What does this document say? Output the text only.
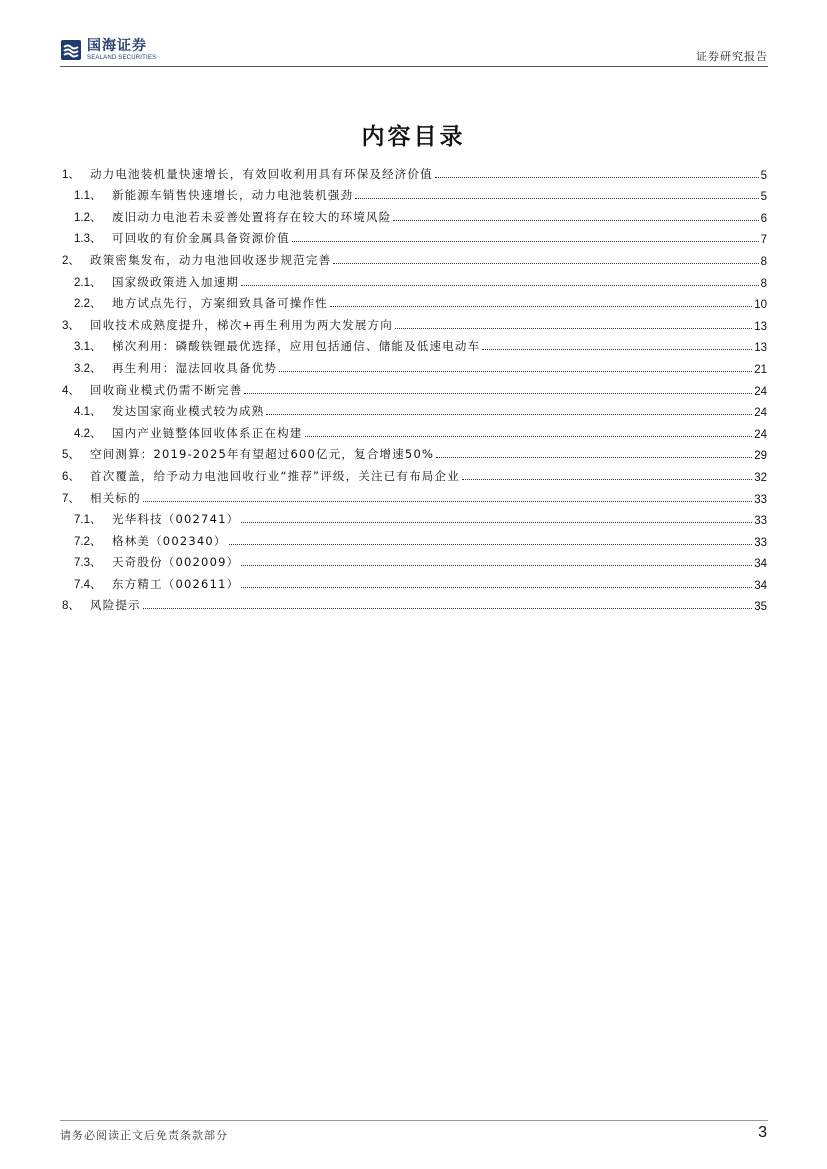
国海证券
SEALAND SECURITIES	证券研究报告
内容目录
1、 动力电池装机量快速增长，有效回收利用具有环保及经济价值	5
1.1、 新能源车销售快速增长，动力电池装机强劲	5
1.2、 废旧动力电池若未妥善处置将存在较大的环境风险	6
1.3、 可回收的有价金属具备资源价值	7
2、 政策密集发布，动力电池回收逐步规范完善	8
2.1、 国家级政策进入加速期	8
2.2、 地方试点先行，方案细致具备可操作性	10
3、 回收技术成熟度提升，梯次+再生利用为两大发展方向	13
3.1、 梯次利用：磷酸铁锂最优选择，应用包括通信、储能及低速电动车	13
3.2、 再生利用：湿法回收具备优势	21
4、 回收商业模式仍需不断完善	24
4.1、 发达国家商业模式较为成熟	24
4.2、 国内产业链整体回收体系正在构建	24
5、 空间测算：2019-2025年有望超过600亿元，复合增速50%	29
6、 首次覆盖，给予动力电池回收行业“推荐”评级，关注已有布局企业	32
7、 相关标的	33
7.1、 光华科技（002741）	33
7.2、 格林美（002340）	33
7.3、 天奇股份（002009）	34
7.4、 东方精工（002611）	34
8、 风险提示	35
请务必阅读正文后免责条款部分	3
